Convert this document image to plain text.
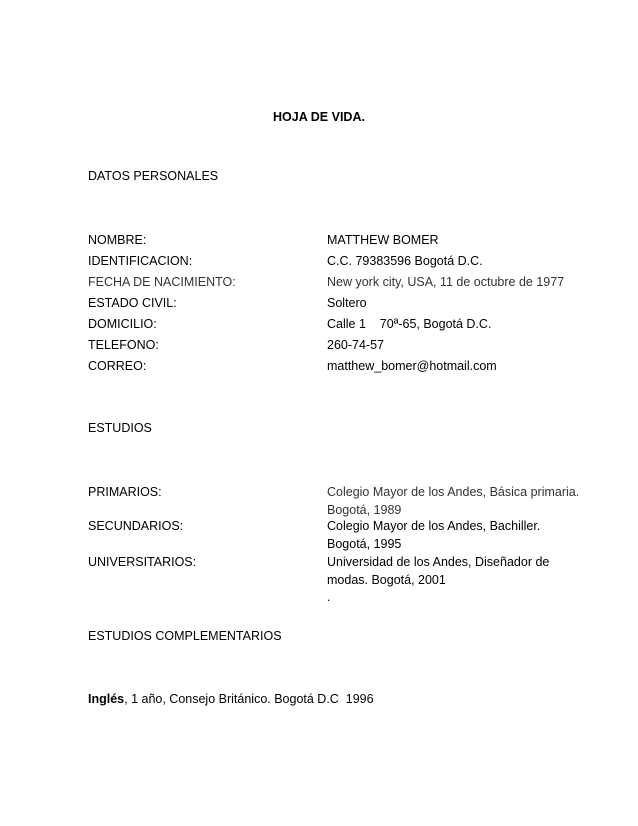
HOJA DE VIDA.
DATOS PERSONALES
NOMBRE:	MATTHEW BOMER
IDENTIFICACION:	C.C. 79383596 Bogotá D.C.
FECHA DE NACIMIENTO:	New york city, USA, 11 de octubre de 1977
ESTADO CIVIL:	Soltero
DOMICILIO:	Calle 1    70ª-65, Bogotá D.C.
TELEFONO:	260-74-57
CORREO:	matthew_bomer@hotmail.com
ESTUDIOS
PRIMARIOS:	Colegio Mayor de los Andes, Básica primaria. Bogotá, 1989
SECUNDARIOS:	Colegio Mayor de los Andes, Bachiller. Bogotá, 1995
UNIVERSITARIOS:	Universidad de los Andes, Diseñador de modas. Bogotá, 2001
.
ESTUDIOS COMPLEMENTARIOS
Inglés, 1 año, Consejo Británico. Bogotá D.C  1996
